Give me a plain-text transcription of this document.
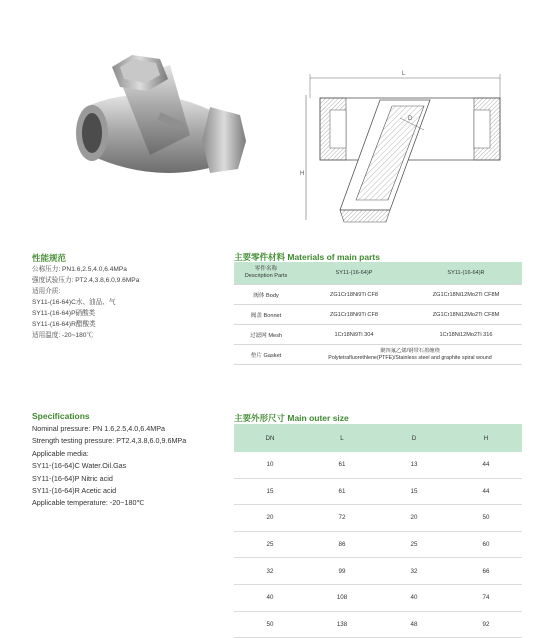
L
H
D
性能规范
公称压力: PN1.6,2.5,4.0,6.4MPa
强度试验压力: PT2.4,3.8,6.0,9.6MPa
适用介质:
SY11-(16-64)C水、油品、气
SY11-(16-64)P硝酸类
SY11-(16-64)R醋酸类
适用温度: -20~180℃
Specifications
Nominal pressure: PN 1.6,2.5,4.0,6.4MPa
Strength testing pressure: PT2.4,3.8,6.0,9.6MPa
Applicable media:
SY11-(16-64)C Water.Oil.Gas
SY11-(16-64)P Nitric acid
SY11-(16-64)R Acetic acid
Applicable temperature: -20~180℃
主要零件材料 Materials of main parts
零件名称
Description Parts	SY11-(16-64)P	SY11-(16-64)R
阀体 Body	ZG1Cr18Ni9Ti CF8	ZG1Cr18Ni12Mo2Ti CF8M
阀盖 Bonnet	ZG1Cr18Ni9Ti CF8	ZG1Cr18Ni12Mo2Ti CF8M
过滤网 Mesh	1Cr18Ni9Ti 304	1Cr18Ni12Mo2Ti 316
垫片 Gasket	聚四氟乙烯/钢带石墨缠绕
Polytetrafluorethlene(PTFE)/Stainless steel and graphite spiral wound	
主要外形尺寸 Main outer size
DN	L	D	H
10	61	13	44
15	61	15	44
20	72	20	50
25	86	25	60
32	99	32	66
40	108	40	74
50	138	48	92
